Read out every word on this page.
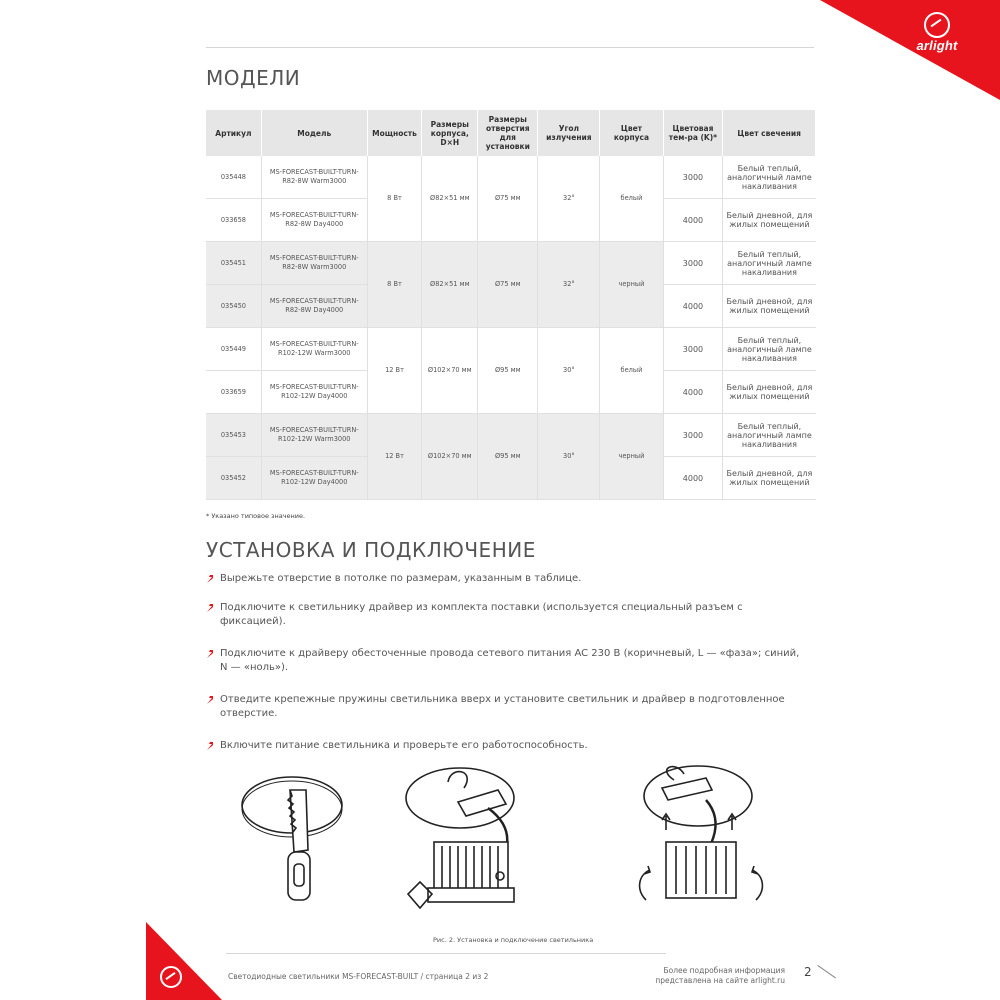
arlight
МОДЕЛИ
Артикул	Модель	Мощность	Размеры корпуса, D×H	Размеры отверстия для установки	Угол излучения	Цвет корпуса	Цветовая тем-ра (K)*	Цвет свечения
035448	MS-FORECAST-BUILT-TURN-R82-8W Warm3000	8 Вт	Ø82×51 мм	Ø75 мм	32°	белый	3000	Белый теплый, аналогичный лампе накаливания
033658	MS-FORECAST-BUILT-TURN-R82-8W Day4000						4000	Белый дневной, для жилых помещений
035451	MS-FORECAST-BUILT-TURN-R82-8W Warm3000	8 Вт	Ø82×51 мм	Ø75 мм	32°	черный	3000	Белый теплый, аналогичный лампе накаливания
035450	MS-FORECAST-BUILT-TURN-R82-8W Day4000						4000	Белый дневной, для жилых помещений
035449	MS-FORECAST-BUILT-TURN-R102-12W Warm3000	12 Вт	Ø102×70 мм	Ø95 мм	30°	белый	3000	Белый теплый, аналогичный лампе накаливания
033659	MS-FORECAST-BUILT-TURN-R102-12W Day4000						4000	Белый дневной, для жилых помещений
035453	MS-FORECAST-BUILT-TURN-R102-12W Warm3000	12 Вт	Ø102×70 мм	Ø95 мм	30°	черный	3000	Белый теплый, аналогичный лампе накаливания
035452	MS-FORECAST-BUILT-TURN-R102-12W Day4000						4000	Белый дневной, для жилых помещений
* Указано типовое значение.
УСТАНОВКА И ПОДКЛЮЧЕНИЕ
Вырежьте отверстие в потолке по размерам, указанным в таблице.
Подключите к светильнику драйвер из комплекта поставки (используется специальный разъем с фиксацией).
Подключите к драйверу обесточенные провода сетевого питания AC 230 В (коричневый, L — «фаза»; синий, N — «ноль»).
Отведите крепежные пружины светильника вверх и установите светильник и драйвер в подготовленное отверстие.
Включите питание светильника и проверьте его работоспособность.
Рис. 2. Установка и подключение светильника
Светодиодные светильники MS-FORECAST-BUILT / страница 2 из 2
Более подробная информация
представлена на сайте arlight.ru
2
